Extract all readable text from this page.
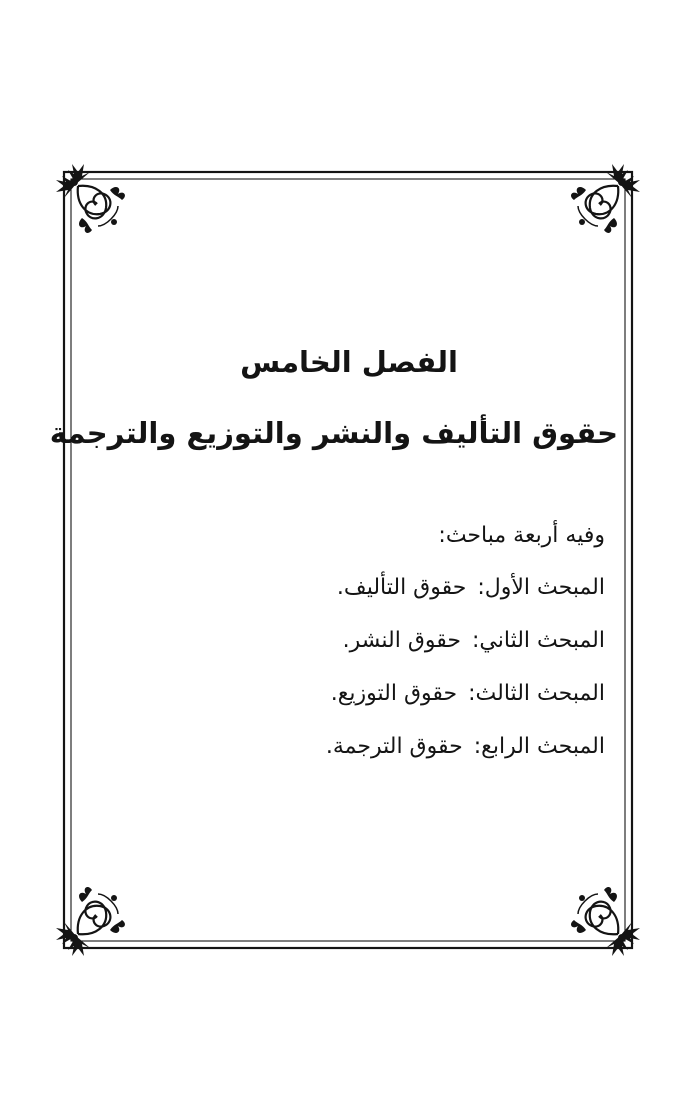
الفصل الخامس
حقوق التأليف والنشر والتوزيع والترجمة
وفيه أربعة مباحث:
المبحث الأول: حقوق التأليف.
المبحث الثاني: حقوق النشر.
المبحث الثالث: حقوق التوزيع.
المبحث الرابع: حقوق الترجمة.
